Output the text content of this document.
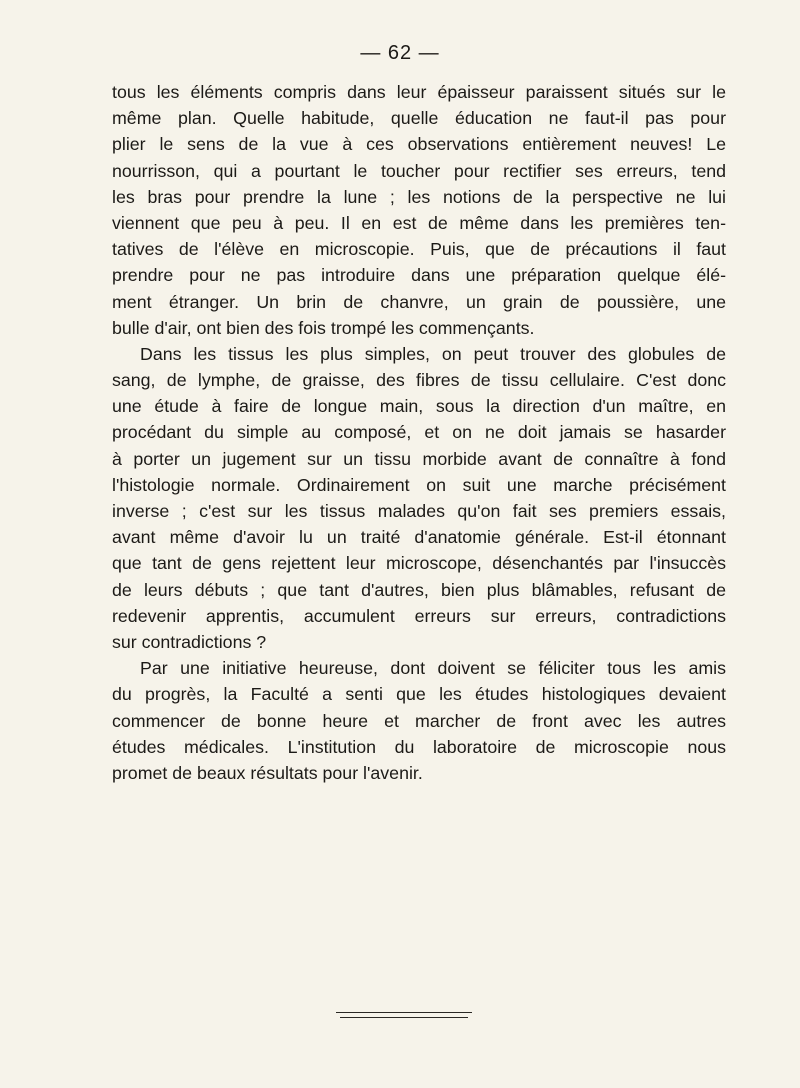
— 62 —
tous les éléments compris dans leur épaisseur paraissent situés sur le
même plan. Quelle habitude, quelle éducation ne faut-il pas pour
plier le sens de la vue à ces observations entièrement neuves! Le
nourrisson, qui a pourtant le toucher pour rectifier ses erreurs, tend
les bras pour prendre la lune ; les notions de la perspective ne lui
viennent que peu à peu. Il en est de même dans les premières ten-
tatives de l'élève en microscopie. Puis, que de précautions il faut
prendre pour ne pas introduire dans une préparation quelque élé-
ment étranger. Un brin de chanvre, un grain de poussière, une
bulle d'air, ont bien des fois trompé les commençants.
Dans les tissus les plus simples, on peut trouver des globules de
sang, de lymphe, de graisse, des fibres de tissu cellulaire. C'est donc
une étude à faire de longue main, sous la direction d'un maître, en
procédant du simple au composé, et on ne doit jamais se hasarder
à porter un jugement sur un tissu morbide avant de connaître à fond
l'histologie normale. Ordinairement on suit une marche précisément
inverse ; c'est sur les tissus malades qu'on fait ses premiers essais,
avant même d'avoir lu un traité d'anatomie générale. Est-il étonnant
que tant de gens rejettent leur microscope, désenchantés par l'insuccès
de leurs débuts ; que tant d'autres, bien plus blâmables, refusant de
redevenir apprentis, accumulent erreurs sur erreurs, contradictions
sur contradictions ?
Par une initiative heureuse, dont doivent se féliciter tous les amis
du progrès, la Faculté a senti que les études histologiques devaient
commencer de bonne heure et marcher de front avec les autres
études médicales. L'institution du laboratoire de microscopie nous
promet de beaux résultats pour l'avenir.
